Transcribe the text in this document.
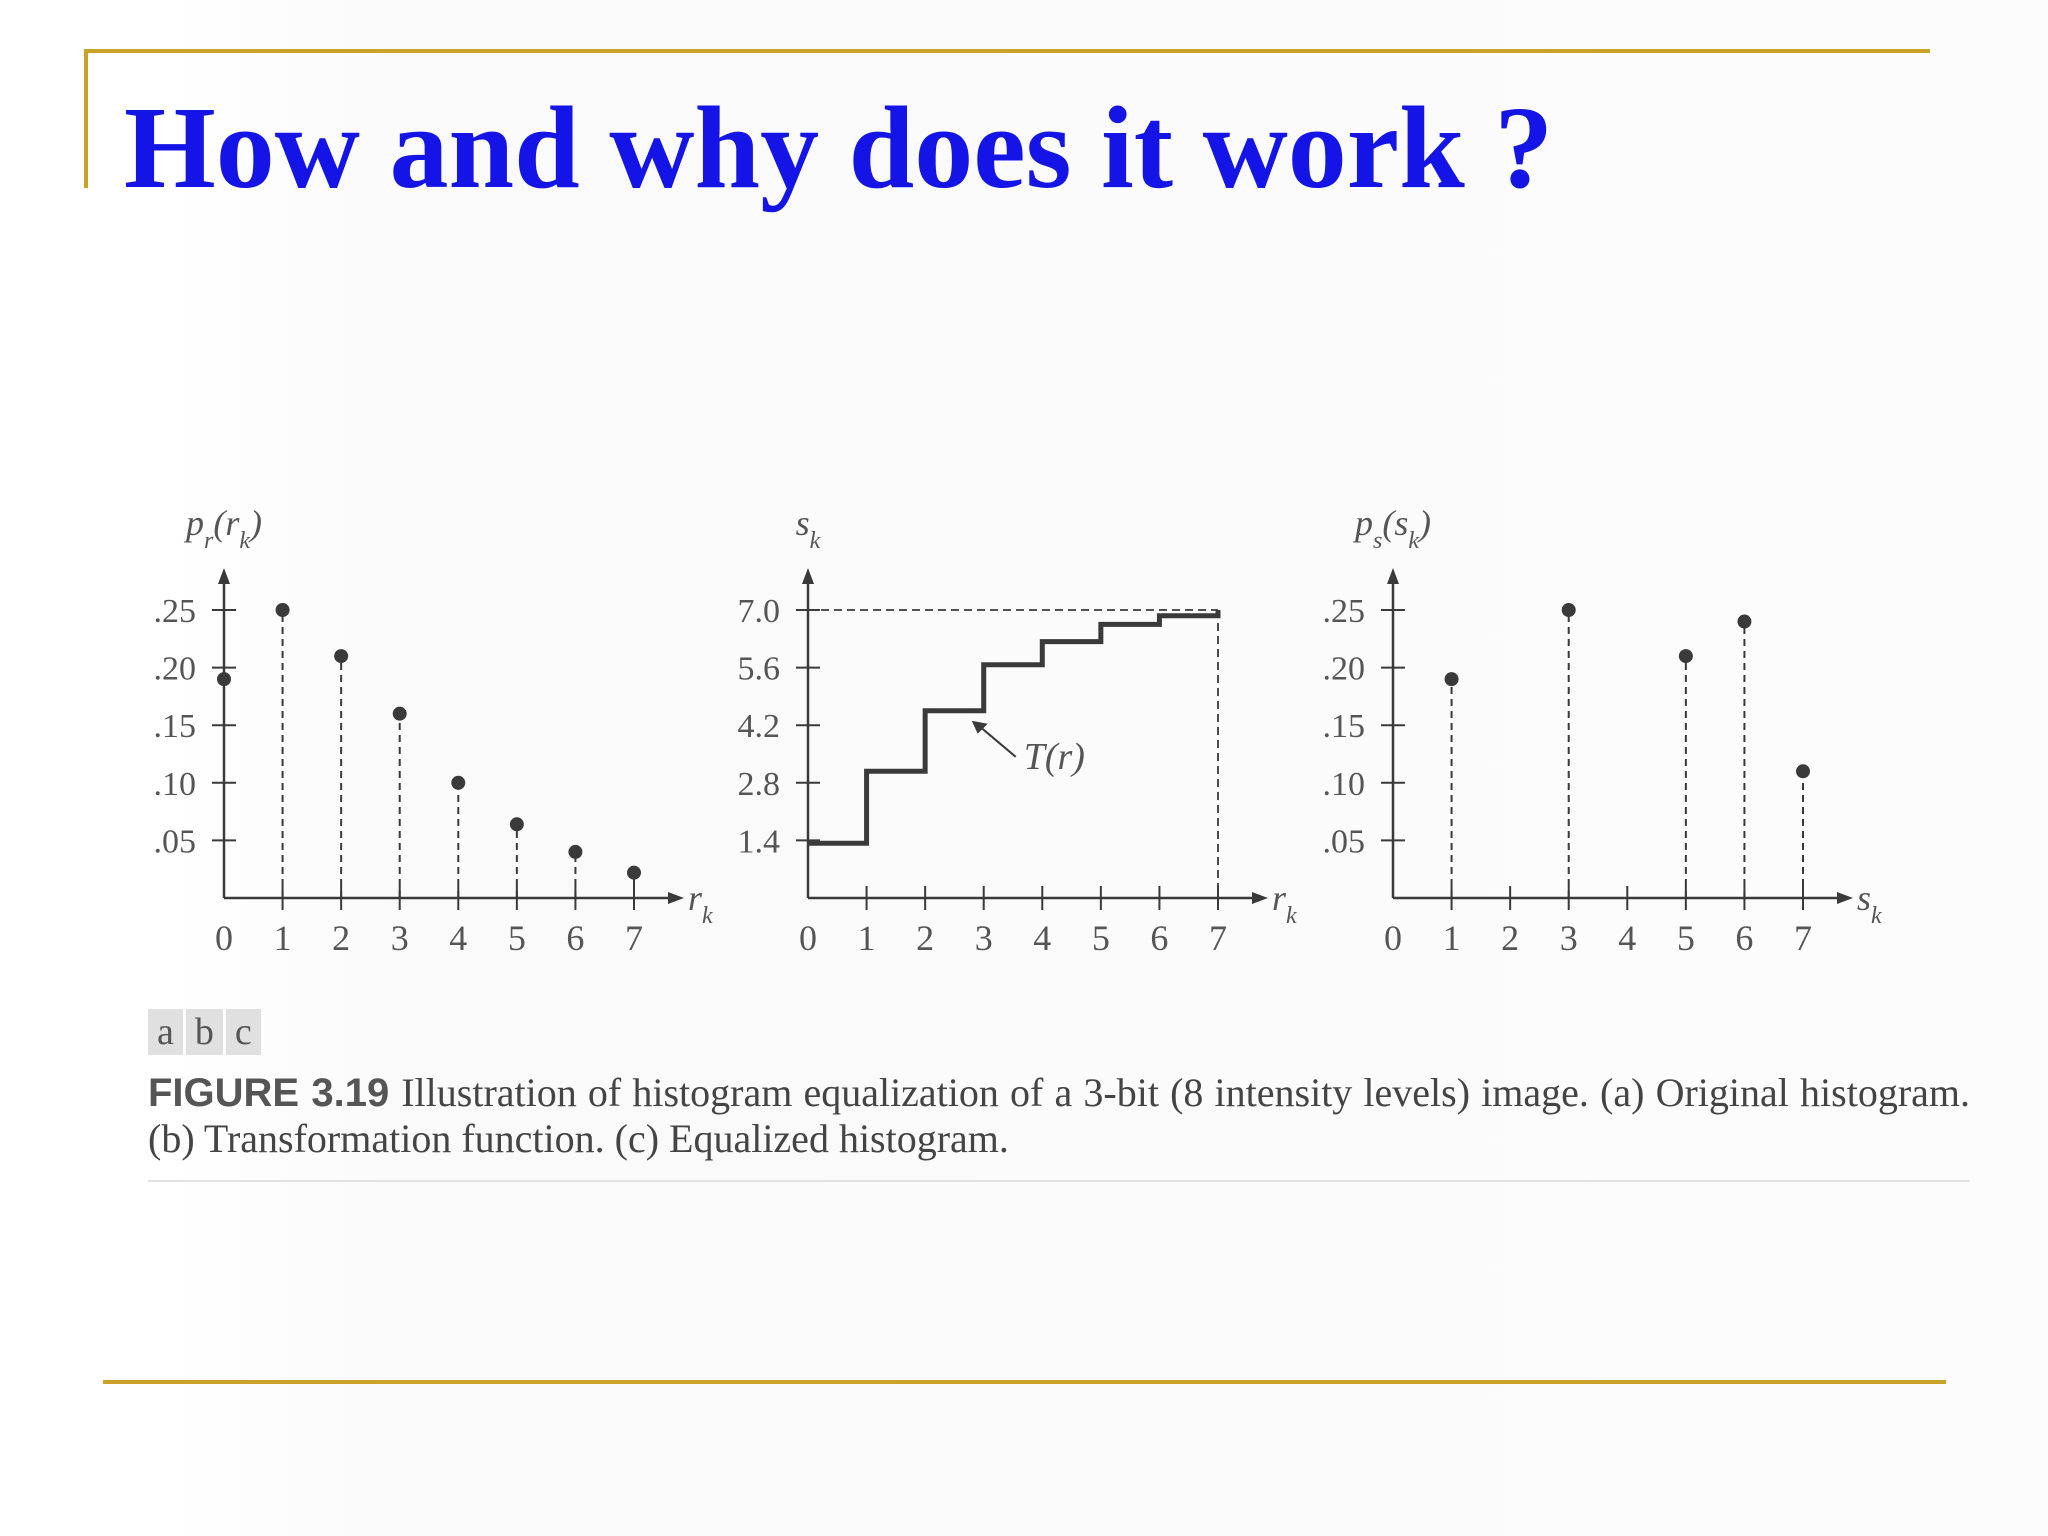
How and why does it work ?
$p_r(r_k)$
$r_k$
0 1 2 3 4 5 6 7
.05
.10
.15
.20
.25
$s_k$
$r_k$
0 1 2 3 4 5 6 7
1.4
2.8
4.2
5.6
7.0
T(r)
$p_s(s_k)$
$s_k$
0 1 2 3 4 5 6 7
.05
.10
.15
.20
.25
a b c
FIGURE 3.19 Illustration of histogram equalization of a 3-bit (8 intensity levels) image. (a) Original histogram. (b) Transformation function. (c) Equalized histogram.
